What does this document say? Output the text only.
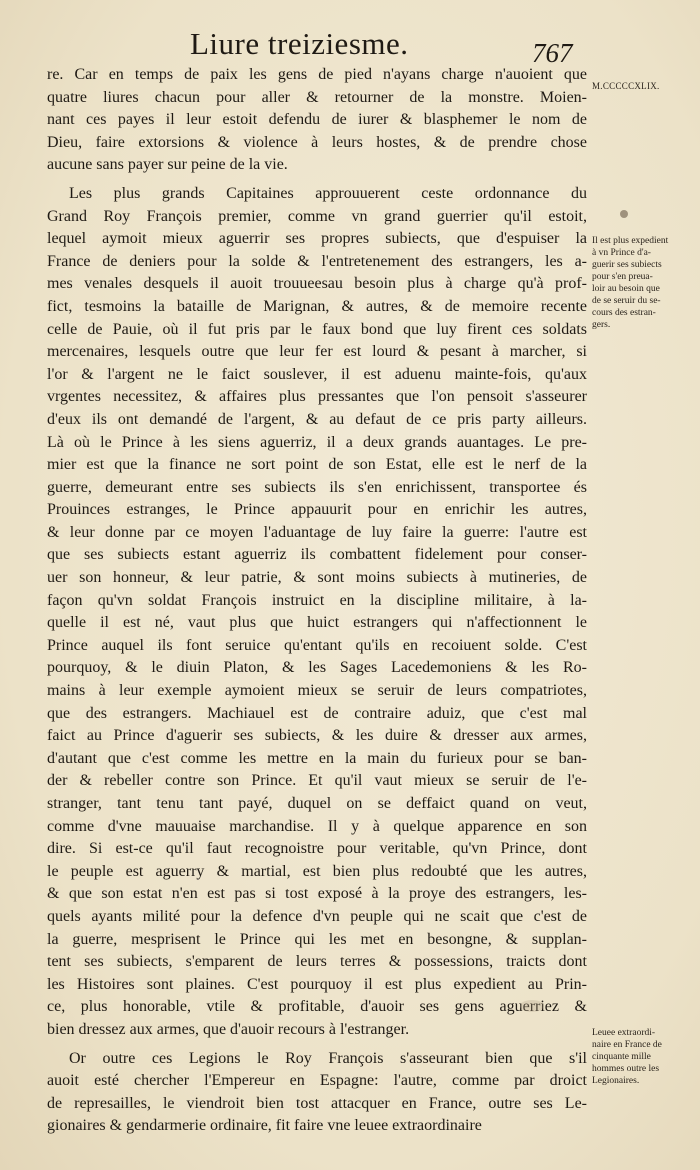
Liure treiziesme.	767
re. Car en temps de paix les gens de pied n'ayans charge n'auoient que
quatre liures chacun pour aller & retourner de la monstre. Moien-
nant ces payes il leur estoit defendu de iurer & blasphemer le nom de
Dieu, faire extorsions & violence à leurs hostes, & de prendre chose
aucune sans payer sur peine de la vie.
Les plus grands Capitaines approuuerent ceste ordonnance du
Grand Roy François premier, comme vn grand guerrier qu'il estoit,
lequel aymoit mieux aguerrir ses propres subiects, que d'espuiser la
France de deniers pour la solde & l'entretenement des estrangers, les a-
mes venales desquels il auoit trouueesau besoin plus à charge qu'à prof-
fict, tesmoins la bataille de Marignan, & autres, & de memoire recente
celle de Pauie, où il fut pris par le faux bond que luy firent ces soldats
mercenaires, lesquels outre que leur fer est lourd & pesant à marcher, si
l'or & l'argent ne le faict souslever, il est aduenu mainte-fois, qu'aux
vrgentes necessitez, & affaires plus pressantes que l'on pensoit s'asseurer
d'eux ils ont demandé de l'argent, & au defaut de ce pris party ailleurs.
Là où le Prince à les siens aguerriz, il a deux grands auantages. Le pre-
mier est que la finance ne sort point de son Estat, elle est le nerf de la
guerre, demeurant entre ses subiects ils s'en enrichissent, transportee és
Prouinces estranges, le Prince appauurit pour en enrichir les autres,
& leur donne par ce moyen l'aduantage de luy faire la guerre: l'autre est
que ses subiects estant aguerriz ils combattent fidelement pour conser-
uer son honneur, & leur patrie, & sont moins subiects à mutineries, de
façon qu'vn soldat François instruict en la discipline militaire, à la-
quelle il est né, vaut plus que huict estrangers qui n'affectionnent le
Prince auquel ils font seruice qu'entant qu'ils en recoiuent solde. C'est
pourquoy, & le diuin Platon, & les Sages Lacedemoniens & les Ro-
mains à leur exemple aymoient mieux se seruir de leurs compatriotes,
que des estrangers. Machiauel est de contraire aduiz, que c'est mal
faict au Prince d'aguerir ses subiects, & les duire & dresser aux armes,
d'autant que c'est comme les mettre en la main du furieux pour se ban-
der & rebeller contre son Prince. Et qu'il vaut mieux se seruir de l'e-
stranger, tant tenu tant payé, duquel on se deffaict quand on veut,
comme d'vne mauuaise marchandise. Il y à quelque apparence en son
dire. Si est-ce qu'il faut recognoistre pour veritable, qu'vn Prince, dont
le peuple est aguerry & martial, est bien plus redoubté que les autres,
& que son estat n'en est pas si tost exposé à la proye des estrangers, les-
quels ayants milité pour la defence d'vn peuple qui ne scait que c'est de
la guerre, mesprisent le Prince qui les met en besongne, & supplan-
tent ses subiects, s'emparent de leurs terres & possessions, traicts dont
les Histoires sont plaines. C'est pourquoy il est plus expedient au Prin-
ce, plus honorable, vtile & profitable, d'auoir ses gens aguerriez &
bien dressez aux armes, que d'auoir recours à l'estranger.
Or outre ces Legions le Roy François s'asseurant bien que s'il
auoit esté chercher l'Empereur en Espagne: l'autre, comme par droict
de represailles, le viendroit bien tost attacquer en France, outre ses Le-
gionaires & gendarmerie ordinaire, fit faire vne leuee extraordinaire
M.CCCCCXLIX.
Il est plus expedient
à vn Prince d'a-
guerir ses subiects
pour s'en preua-
loir au besoin que
de se seruir du se-
cours des estran-
gers.
Leuee extraordi-
naire en France de
cinquante mille
hommes outre les
Legionaires.
